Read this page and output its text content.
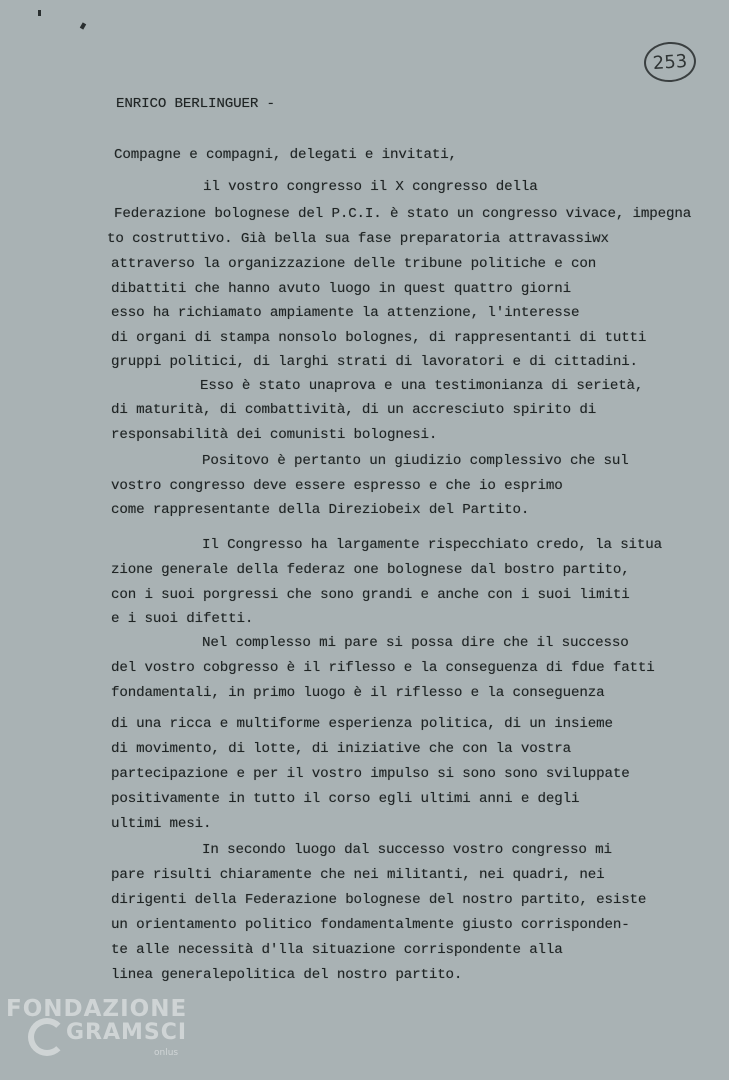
253
ENRICO BERLINGUER -
Compagne e compagni, delegati e invitati,
il vostro congresso il X congresso della
Federazione bolognese del P.C.I. è stato un congresso vivace, impegna
to costruttivo. Già bella sua fase preparatoria attravassiwx
attraverso la organizzazione delle tribune politiche e con
dibattiti che hanno avuto luogo in quest quattro giorni
esso ha richiamato ampiamente la attenzione, l'interesse
di organi di stampa nonsolo bolognes, di rappresentanti di tutti
gruppi politici, di larghi strati di lavoratori e di cittadini.
Esso è stato unaprova e una testimonianza di serietà,
di maturità, di combattività, di un accresciuto spirito di
responsabilità dei comunisti bolognesi.
Positovo è pertanto un giudizio complessivo che sul
vostro congresso deve essere espresso e che io esprimo
come rappresentante della Direziobeix del Partito.
Il Congresso ha largamente rispecchiato credo, la situa
zione generale della federaz one bolognese dal bostro partito,
con i suoi porgressi che sono grandi e anche con i suoi limiti
e i suoi difetti.
Nel complesso mi pare si possa dire che il successo
del vostro cobgresso è il riflesso e la conseguenza di fdue fatti
fondamentali, in primo luogo è il riflesso e la conseguenza
di una ricca e multiforme esperienza politica, di un insieme
di movimento, di lotte, di iniziative che con la vostra
partecipazione e per il vostro impulso si sono sono sviluppate
positivamente in tutto il corso egli ultimi anni e degli
ultimi mesi.
In secondo luogo dal successo vostro congresso mi
pare risulti chiaramente che nei militanti, nei quadri, nei
dirigenti della Federazione bolognese del nostro partito, esiste
un orientamento politico fondamentalmente giusto corrisponden-
te alle necessità d'lla situazione corrispondente alla
linea generalepolitica del nostro partito.
FONDAZIONE
GRAMSCI
onlus
